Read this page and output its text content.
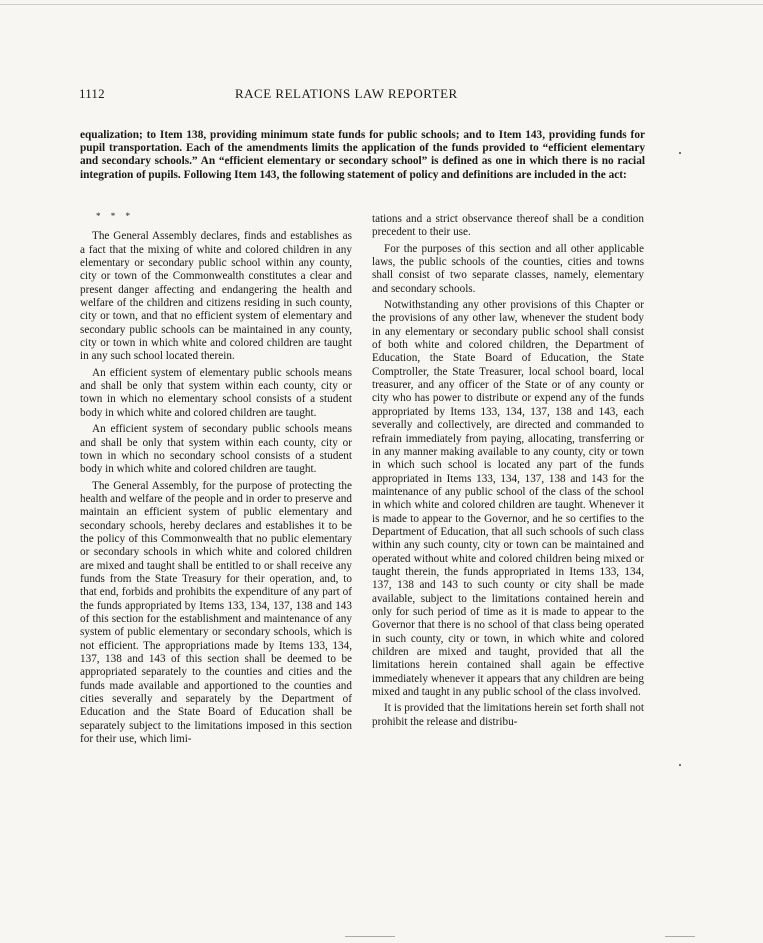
1112	RACE RELATIONS LAW REPORTER
equalization; to Item 138, providing minimum state funds for public schools; and to Item 143, providing funds for pupil transportation. Each of the amendments limits the application of the funds provided to “efficient elementary and secondary schools.” An “efficient elementary or secondary school” is defined as one in which there is no racial integration of pupils. Following Item 143, the following statement of policy and definitions are included in the act:
* * *

The General Assembly declares, finds and establishes as a fact that the mixing of white and colored children in any elementary or secondary public school within any county, city or town of the Commonwealth constitutes a clear and present danger affecting and endangering the health and welfare of the children and citizens residing in such county, city or town, and that no efficient system of elementary and secondary public schools can be maintained in any county, city or town in which white and colored children are taught in any such school located therein.

An efficient system of elementary public schools means and shall be only that system within each county, city or town in which no elementary school consists of a student body in which white and colored children are taught.

An efficient system of secondary public schools means and shall be only that system within each county, city or town in which no secondary school consists of a student body in which white and colored children are taught.

The General Assembly, for the purpose of protecting the health and welfare of the people and in order to preserve and maintain an efficient system of public elementary and secondary schools, hereby declares and establishes it to be the policy of this Commonwealth that no public elementary or secondary schools in which white and colored children are mixed and taught shall be entitled to or shall receive any funds from the State Treasury for their operation, and, to that end, forbids and prohibits the expenditure of any part of the funds appropriated by Items 133, 134, 137, 138 and 143 of this section for the establishment and maintenance of any system of public elementary or secondary schools, which is not efficient. The appropriations made by Items 133, 134, 137, 138 and 143 of this section shall be deemed to be appropriated separately to the counties and cities and the funds made available and apportioned to the counties and cities severally and separately by the Department of Education and the State Board of Education shall be separately subject to the limitations imposed in this section for their use, which limi-

tations and a strict observance thereof shall be a condition precedent to their use.

For the purposes of this section and all other applicable laws, the public schools of the counties, cities and towns shall consist of two separate classes, namely, elementary and secondary schools.

Notwithstanding any other provisions of this Chapter or the provisions of any other law, whenever the student body in any elementary or secondary public school shall consist of both white and colored children, the Department of Education, the State Board of Education, the State Comptroller, the State Treasurer, local school board, local treasurer, and any officer of the State or of any county or city who has power to distribute or expend any of the funds appropriated by Items 133, 134, 137, 138 and 143, each severally and collectively, are directed and commanded to refrain immediately from paying, allocating, transferring or in any manner making available to any county, city or town in which such school is located any part of the funds appropriated in Items 133, 134, 137, 138 and 143 for the maintenance of any public school of the class of the school in which white and colored children are taught. Whenever it is made to appear to the Governor, and he so certifies to the Department of Education, that all such schools of such class within any such county, city or town can be maintained and operated without white and colored children being mixed or taught therein, the funds appropriated in Items 133, 134, 137, 138 and 143 to such county or city shall be made available, subject to the limitations contained herein and only for such period of time as it is made to appear to the Governor that there is no school of that class being operated in such county, city or town, in which white and colored children are mixed and taught, provided that all the limitations herein contained shall again be effective immediately whenever it appears that any children are being mixed and taught in any public school of the class involved.

It is provided that the limitations herein set forth shall not prohibit the release and distribu-
